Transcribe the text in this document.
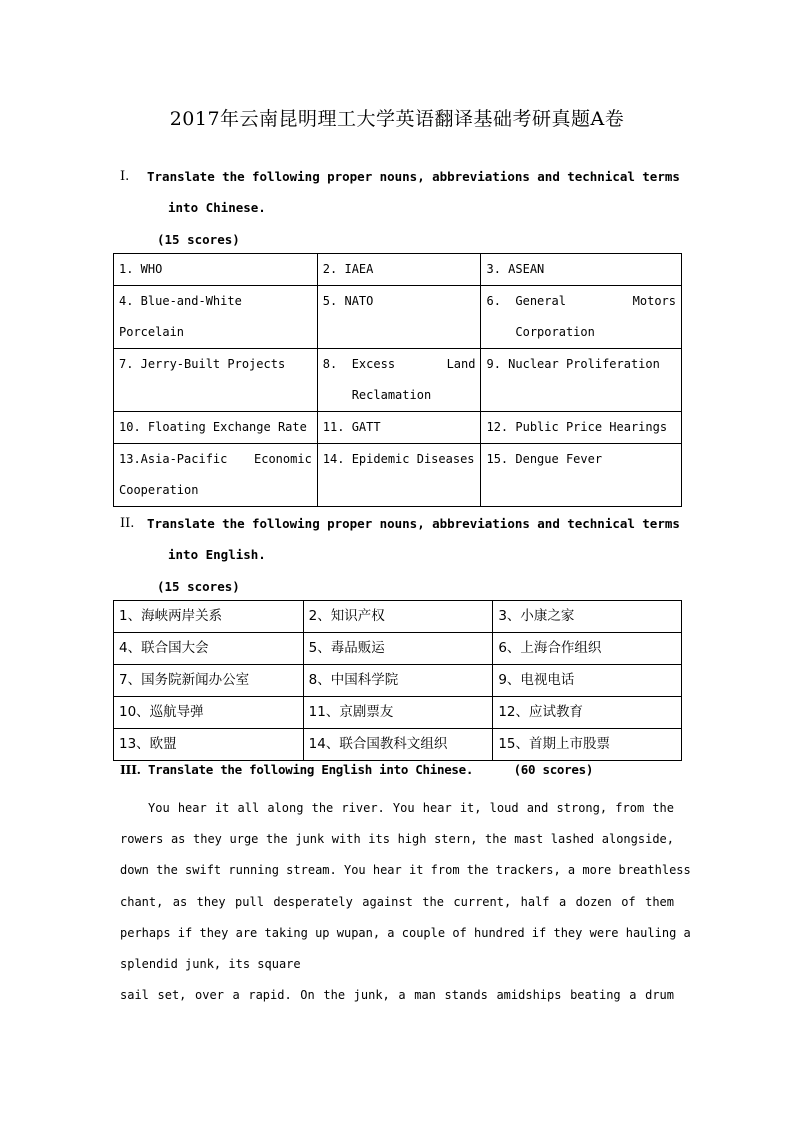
2017年云南昆明理工大学英语翻译基础考研真题A卷
I.	Translate the following proper nouns, abbreviations and technical terms
into Chinese.
(15 scores)
1. WHO	2. IAEA	3. ASEAN
4. Blue-and-White Porcelain	5. NATO	6.  General Motors
Corporation

7. Jerry-Built Projects	8.  Excess Land
Reclamation	9. Nuclear Proliferation
10. Floating Exchange Rate	11. GATT	12. Public Price Hearings

13.Asia-Pacific Economic
Cooperation	14. Epidemic Diseases	15. Dengue Fever
II.	Translate the following proper nouns, abbreviations and technical terms
into English.
(15 scores)
1、海峡两岸关系	2、知识产权	3、小康之家
4、联合国大会	5、毒品贩运	6、上海合作组织
7、国务院新闻办公室	8、中国科学院	9、电视电话
10、巡航导弹	11、京剧票友	12、应试教育
13、欧盟	14、联合国教科文组织	15、首期上市股票
III. Translate the following English into Chinese.	(60 scores)
You hear it all along the river. You hear it, loud and strong, from the
rowers as they urge the junk with its high stern, the mast lashed alongside,
down the swift running stream. You hear it from the trackers, a more breathless
chant, as they pull desperately against the current, half a dozen of them
perhaps if they are taking up wupan, a couple of hundred if they were hauling a
splendid junk, its square
sail set, over a rapid. On the junk, a man stands amidships beating a drum
